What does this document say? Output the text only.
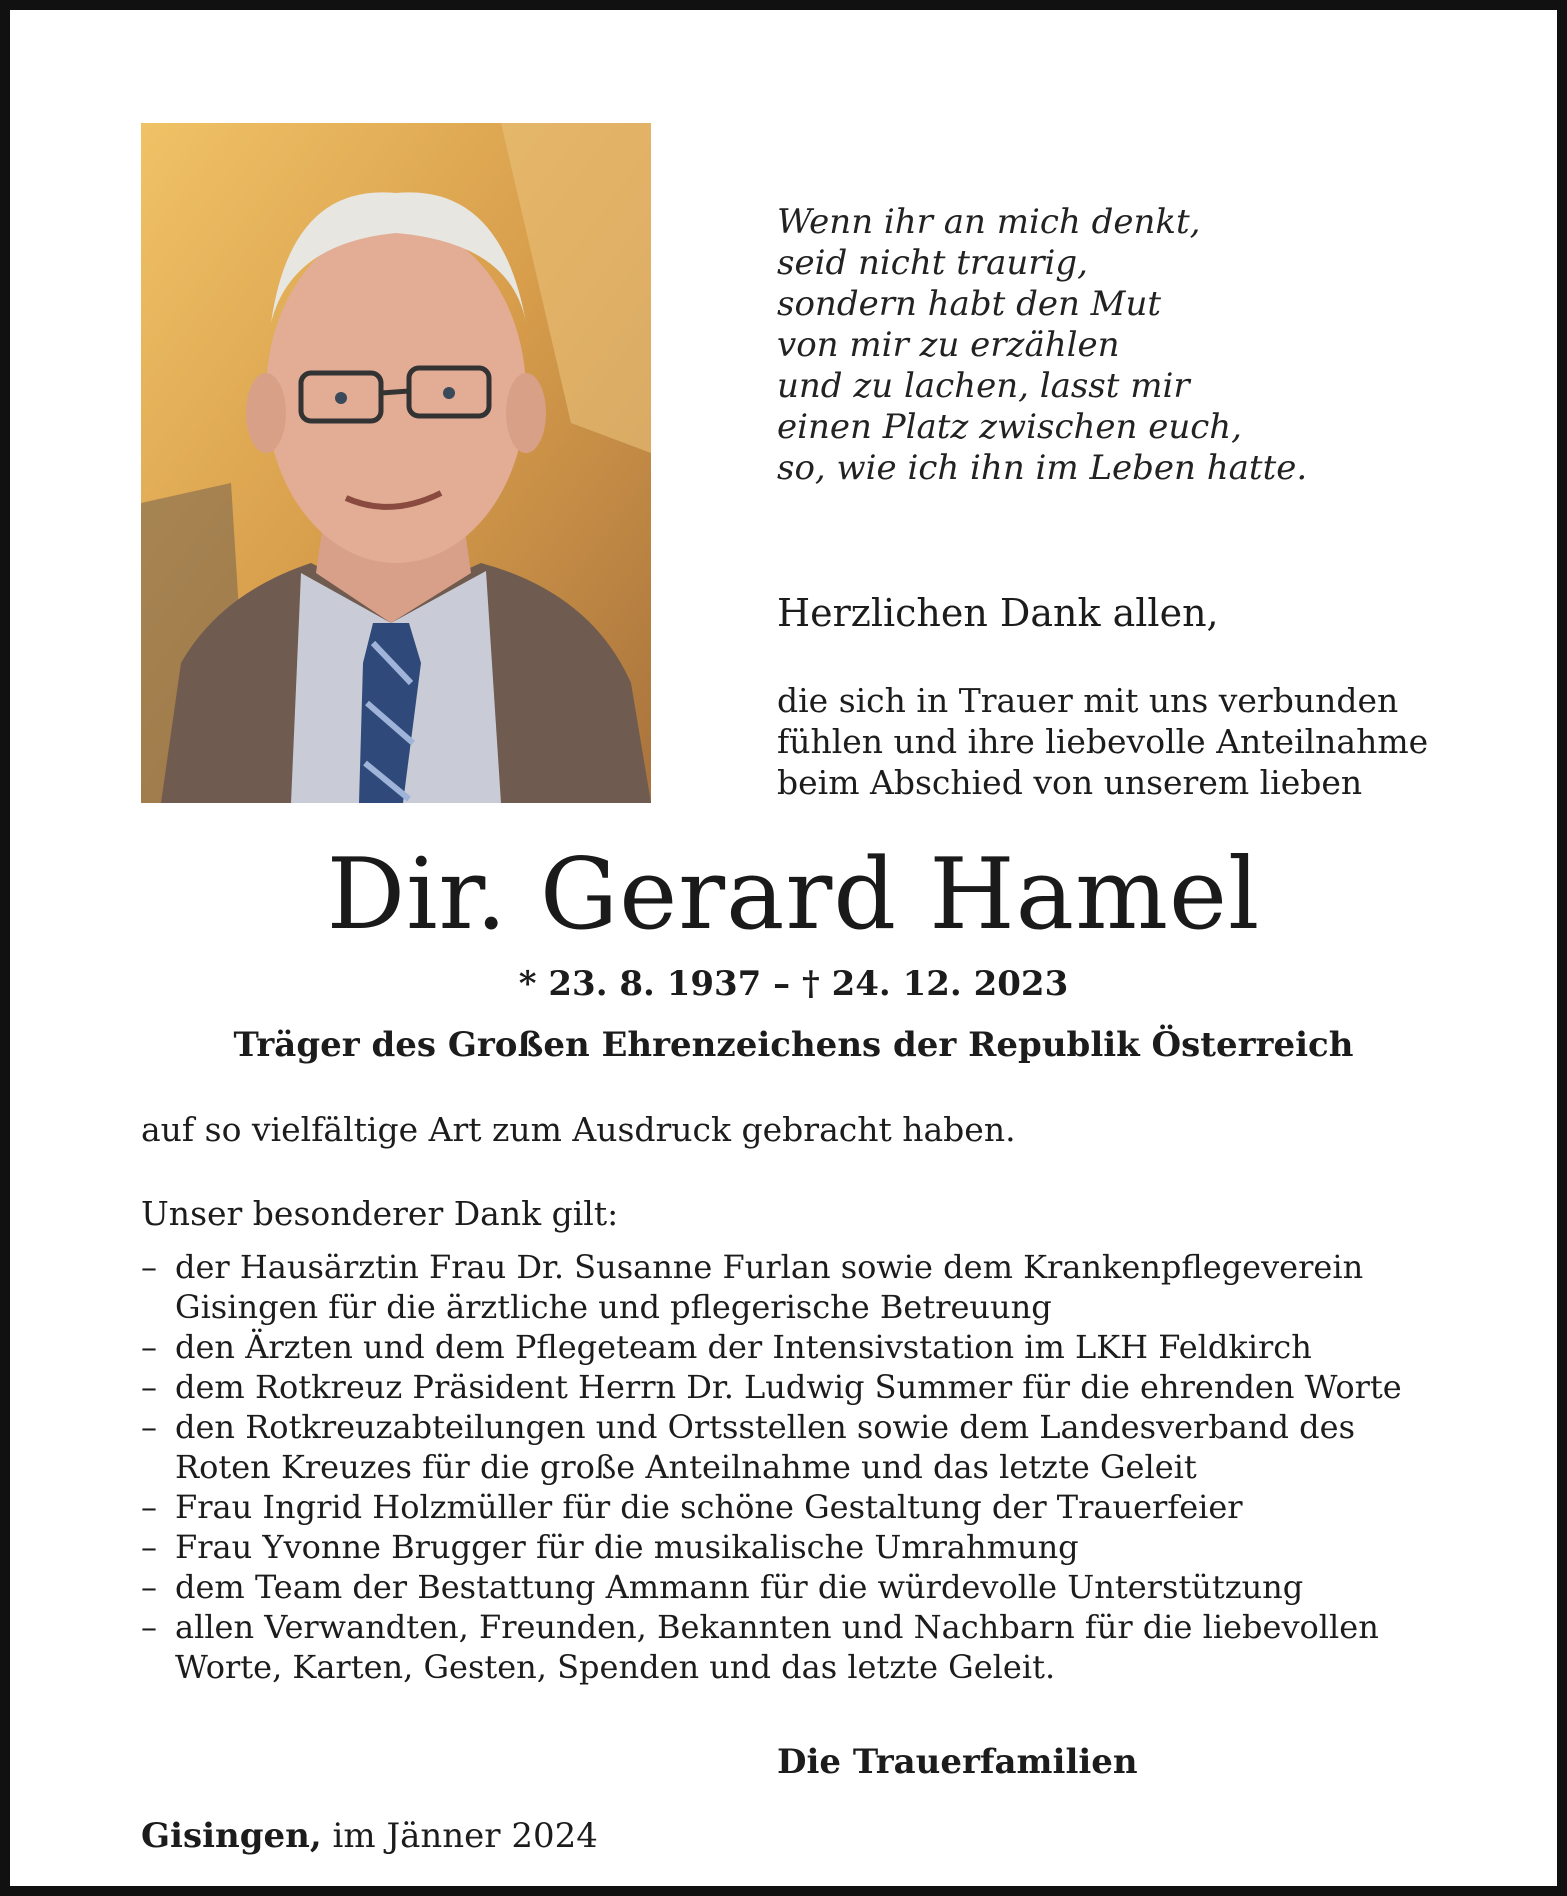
Wenn ihr an mich denkt,
seid nicht traurig,
sondern habt den Mut
von mir zu erzählen
und zu lachen, lasst mir
einen Platz zwischen euch,
so, wie ich ihn im Leben hatte.
Herzlichen Dank allen,
die sich in Trauer mit uns verbunden
fühlen und ihre liebevolle Anteilnahme
beim Abschied von unserem lieben
Dir. Gerard Hamel
* 23. 8. 1937 – † 24. 12. 2023
Träger des Großen Ehrenzeichens der Republik Österreich
auf so vielfältige Art zum Ausdruck gebracht haben.
Unser besonderer Dank gilt:
– der Hausärztin Frau Dr. Susanne Furlan sowie dem Krankenpflegeverein
Gisingen für die ärztliche und pflegerische Betreuung
– den Ärzten und dem Pflegeteam der Intensivstation im LKH Feldkirch
– dem Rotkreuz Präsident Herrn Dr. Ludwig Summer für die ehrenden Worte
– den Rotkreuzabteilungen und Ortsstellen sowie dem Landesverband des
Roten Kreuzes für die große Anteilnahme und das letzte Geleit
– Frau Ingrid Holzmüller für die schöne Gestaltung der Trauerfeier
– Frau Yvonne Brugger für die musikalische Umrahmung
– dem Team der Bestattung Ammann für die würdevolle Unterstützung
– allen Verwandten, Freunden, Bekannten und Nachbarn für die liebevollen
Worte, Karten, Gesten, Spenden und das letzte Geleit.
Die Trauerfamilien
Gisingen, im Jänner 2024
